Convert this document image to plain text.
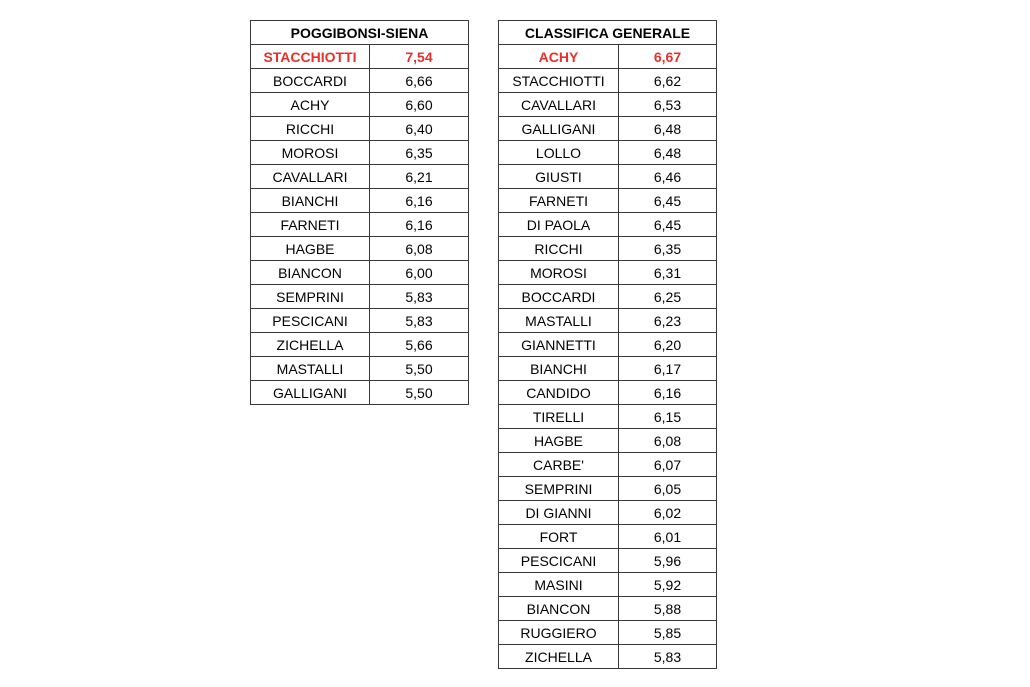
POGGIBONSI-SIENA	
STACCHIOTTI	7,54
BOCCARDI	6,66
ACHY	6,60
RICCHI	6,40
MOROSI	6,35
CAVALLARI	6,21
BIANCHI	6,16
FARNETI	6,16
HAGBE	6,08
BIANCON	6,00
SEMPRINI	5,83
PESCICANI	5,83
ZICHELLA	5,66
MASTALLI	5,50
GALLIGANI	5,50
CLASSIFICA GENERALE	
ACHY	6,67
STACCHIOTTI	6,62
CAVALLARI	6,53
GALLIGANI	6,48
LOLLO	6,48
GIUSTI	6,46
FARNETI	6,45
DI PAOLA	6,45
RICCHI	6,35
MOROSI	6,31
BOCCARDI	6,25
MASTALLI	6,23
GIANNETTI	6,20
BIANCHI	6,17
CANDIDO	6,16
TIRELLI	6,15
HAGBE	6,08
CARBE'	6,07
SEMPRINI	6,05
DI GIANNI	6,02
FORT	6,01
PESCICANI	5,96
MASINI	5,92
BIANCON	5,88
RUGGIERO	5,85
ZICHELLA	5,83
